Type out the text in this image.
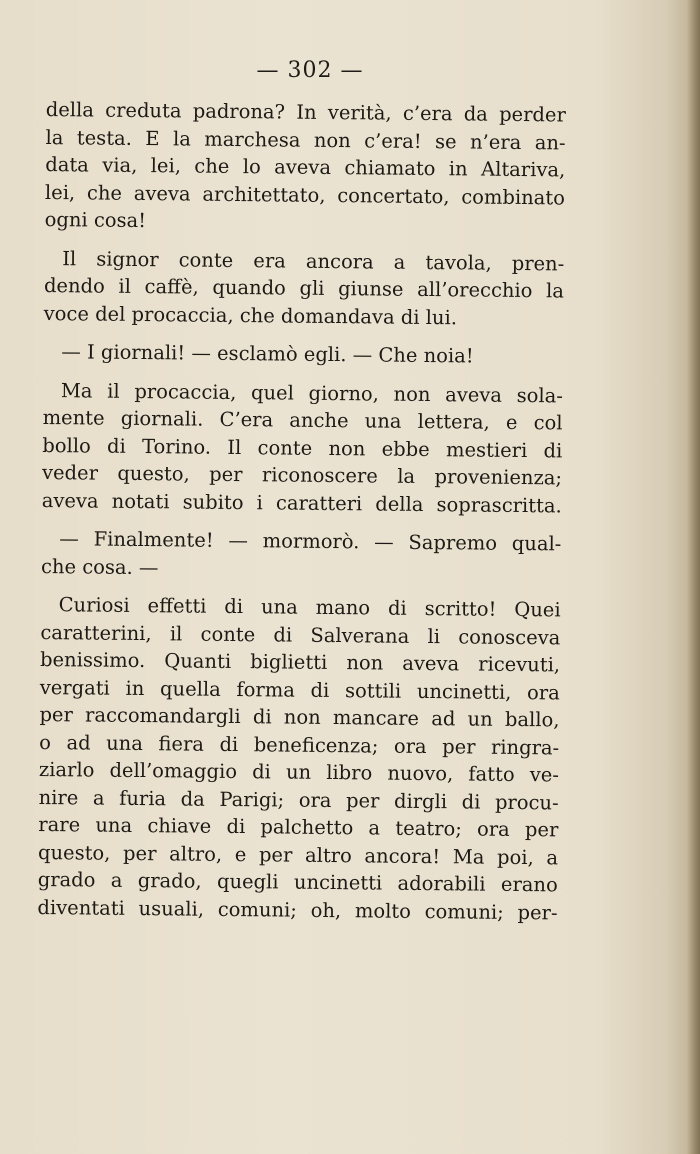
— 302 —
della creduta padrona? In verità, c’era da perder
la testa. E la marchesa non c’era! se n’era an-
data via, lei, che lo aveva chiamato in Altariva,
lei, che aveva architettato, concertato, combinato
ogni cosa!
Il signor conte era ancora a tavola, pren-
dendo il caffè, quando gli giunse all’orecchio la
voce del procaccia, che domandava di lui.
— I giornali! — esclamò egli. — Che noia!
Ma il procaccia, quel giorno, non aveva sola-
mente giornali. C’era anche una lettera, e col
bollo di Torino. Il conte non ebbe mestieri di
veder questo, per riconoscere la provenienza;
aveva notati subito i caratteri della soprascritta.
— Finalmente! — mormorò. — Sapremo qual-
che cosa. —
Curiosi effetti di una mano di scritto! Quei
caratterini, il conte di Salverana li conosceva
benissimo. Quanti biglietti non aveva ricevuti,
vergati in quella forma di sottili uncinetti, ora
per raccomandargli di non mancare ad un ballo,
o ad una fiera di beneficenza; ora per ringra-
ziarlo dell’omaggio di un libro nuovo, fatto ve-
nire a furia da Parigi; ora per dirgli di procu-
rare una chiave di palchetto a teatro; ora per
questo, per altro, e per altro ancora! Ma poi, a
grado a grado, quegli uncinetti adorabili erano
diventati usuali, comuni; oh, molto comuni; per-
